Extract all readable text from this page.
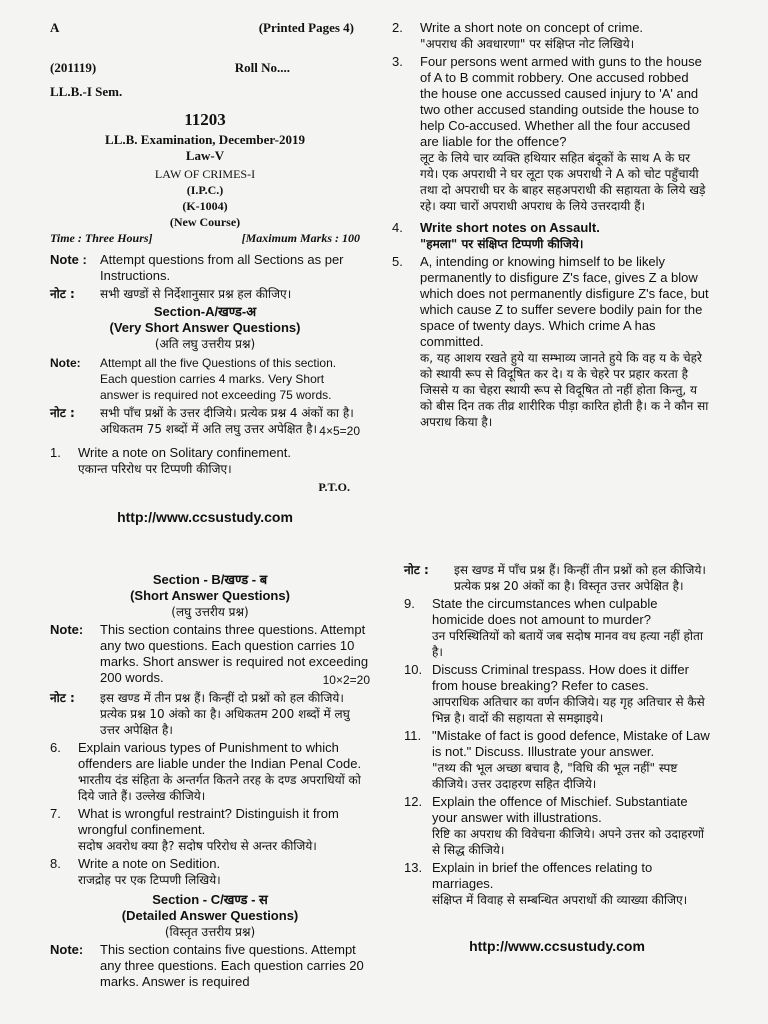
A	(Printed Pages 4)
(201119)	Roll No....
LL.B.-I Sem.
11203
LL.B. Examination, December-2019
Law-V
LAW OF CRIMES-I
(I.P.C.)
(K-1004)
(New Course)
Time : Three Hours]	[Maximum Marks : 100
Note :	Attempt questions from all Sections as per Instructions.
नोट :	सभी खण्डों से निर्देशानुसार प्रश्न हल कीजिए।
Section-A/खण्ड-अ
(Very Short Answer Questions)
(अति लघु उत्तरीय प्रश्न)
Note:	Attempt all the five Questions of this section. Each question carries 4 marks. Very Short answer is required not exceeding 75 words.
नोट :	सभी पाँच प्रश्नों के उत्तर दीजिये। प्रत्येक प्रश्न 4 अंकों का है। अधिकतम 75 शब्दों में अति लघु उत्तर अपेक्षित है। 4×5=20
1.	Write a note on Solitary confinement.
एकान्त परिरोध पर टिप्पणी कीजिए।
P.T.O.
http://www.ccsustudy.com
2.	Write a short note on concept of crime.
"अपराध की अवधारणा" पर संक्षिप्त नोट लिखिये।
3.	Four persons went armed with guns to the house of A to B commit robbery. One accused robbed the house one accussed caused injury to 'A' and two other accused standing outside the house to help Co-accused. Whether all the four accused are liable for the offence?
लूट के लिये चार व्यक्ति हथियार सहित बंदूकों के साथ A के घर गये। एक अपराधी ने घर लूटा एक अपराधी ने A को चोट पहुँचायी तथा दो अपराधी घर के बाहर सहअपराधी की सहायता के लिये खड़े रहे। क्या चारों अपराधी अपराध के लिये उत्तरदायी हैं।
4.	Write short notes on Assault.
"हमला" पर संक्षिप्त टिप्पणी कीजिये।
5.	A, intending or knowing himself to be likely permanently to disfigure Z's face, gives Z a blow which does not permanently disfigure Z's face, but which cause Z to suffer severe bodily pain for the space of twenty days. Which crime A has committed.
क, यह आशय रखते हुये या सम्भाव्य जानते हुये कि वह य के चेहरे को स्थायी रूप से विदूषित कर दे। य के चेहरे पर प्रहार करता है जिससे य का चेहरा स्थायी रूप से विदूषित तो नहीं होता किन्तु, य को बीस दिन तक तीव्र शारीरिक पीड़ा कारित होती है। क ने कौन सा अपराध किया है।
Section - B/खण्ड - ब
(Short Answer Questions)
(लघु उत्तरीय प्रश्न)
Note:	This section contains three questions. Attempt any two questions. Each question carries 10 marks. Short answer is required not exceeding 200 words.	10×2=20
नोट :	इस खण्ड में तीन प्रश्न हैं। किन्हीं दो प्रश्नों को हल कीजिये। प्रत्येक प्रश्न 10 अंको का है। अधिकतम 200 शब्दों में लघु उत्तर अपेक्षित है।
6.	Explain various types of Punishment to which offenders are liable under the Indian Penal Code.
भारतीय दंड संहिता के अन्तर्गत कितने तरह के दण्ड अपराधियों को दिये जाते हैं। उल्लेख कीजिये।
7.	What is wrongful restraint? Distinguish it from wrongful confinement.
सदोष अवरोध क्या है? सदोष परिरोध से अन्तर कीजिये।
8.	Write a note on Sedition.
राजद्रोह पर एक टिप्पणी लिखिये।
Section - C/खण्ड - स
(Detailed Answer Questions)
(विस्तृत उत्तरीय प्रश्न)
Note:	This section contains five questions. Attempt any three questions. Each question carries 20 marks. Answer is required
नोट :	इस खण्ड में पाँच प्रश्न हैं। किन्हीं तीन प्रश्नों को हल कीजिये। प्रत्येक प्रश्न 20 अंकों का है। विस्तृत उत्तर अपेक्षित है।
9.	State the circumstances when culpable homicide does not amount to murder?
उन परिस्थितियों को बतायें जब सदोष मानव वध हत्या नहीं होता है।
10. Discuss Criminal trespass. How does it differ from house breaking? Refer to cases.
आपराधिक अतिचार का वर्णन कीजिये। यह गृह अतिचार से कैसे भिन्न है। वादों की सहायता से समझाइये।
11. "Mistake of fact is good defence, Mistake of Law is not." Discuss. Illustrate your answer.
"तथ्य की भूल अच्छा बचाव है, "विधि की भूल नहीं" स्पष्ट कीजिये। उत्तर उदाहरण सहित दीजिये।
12. Explain the offence of Mischief. Substantiate your answer with illustrations.
रिष्टि का अपराध की विवेचना कीजिये। अपने उत्तर को उदाहरणों से सिद्ध कीजिये।
13. Explain in brief the offences relating to marriages.
संक्षिप्त में विवाह से सम्बन्धित अपराधों की व्याख्या कीजिए।
http://www.ccsustudy.com
